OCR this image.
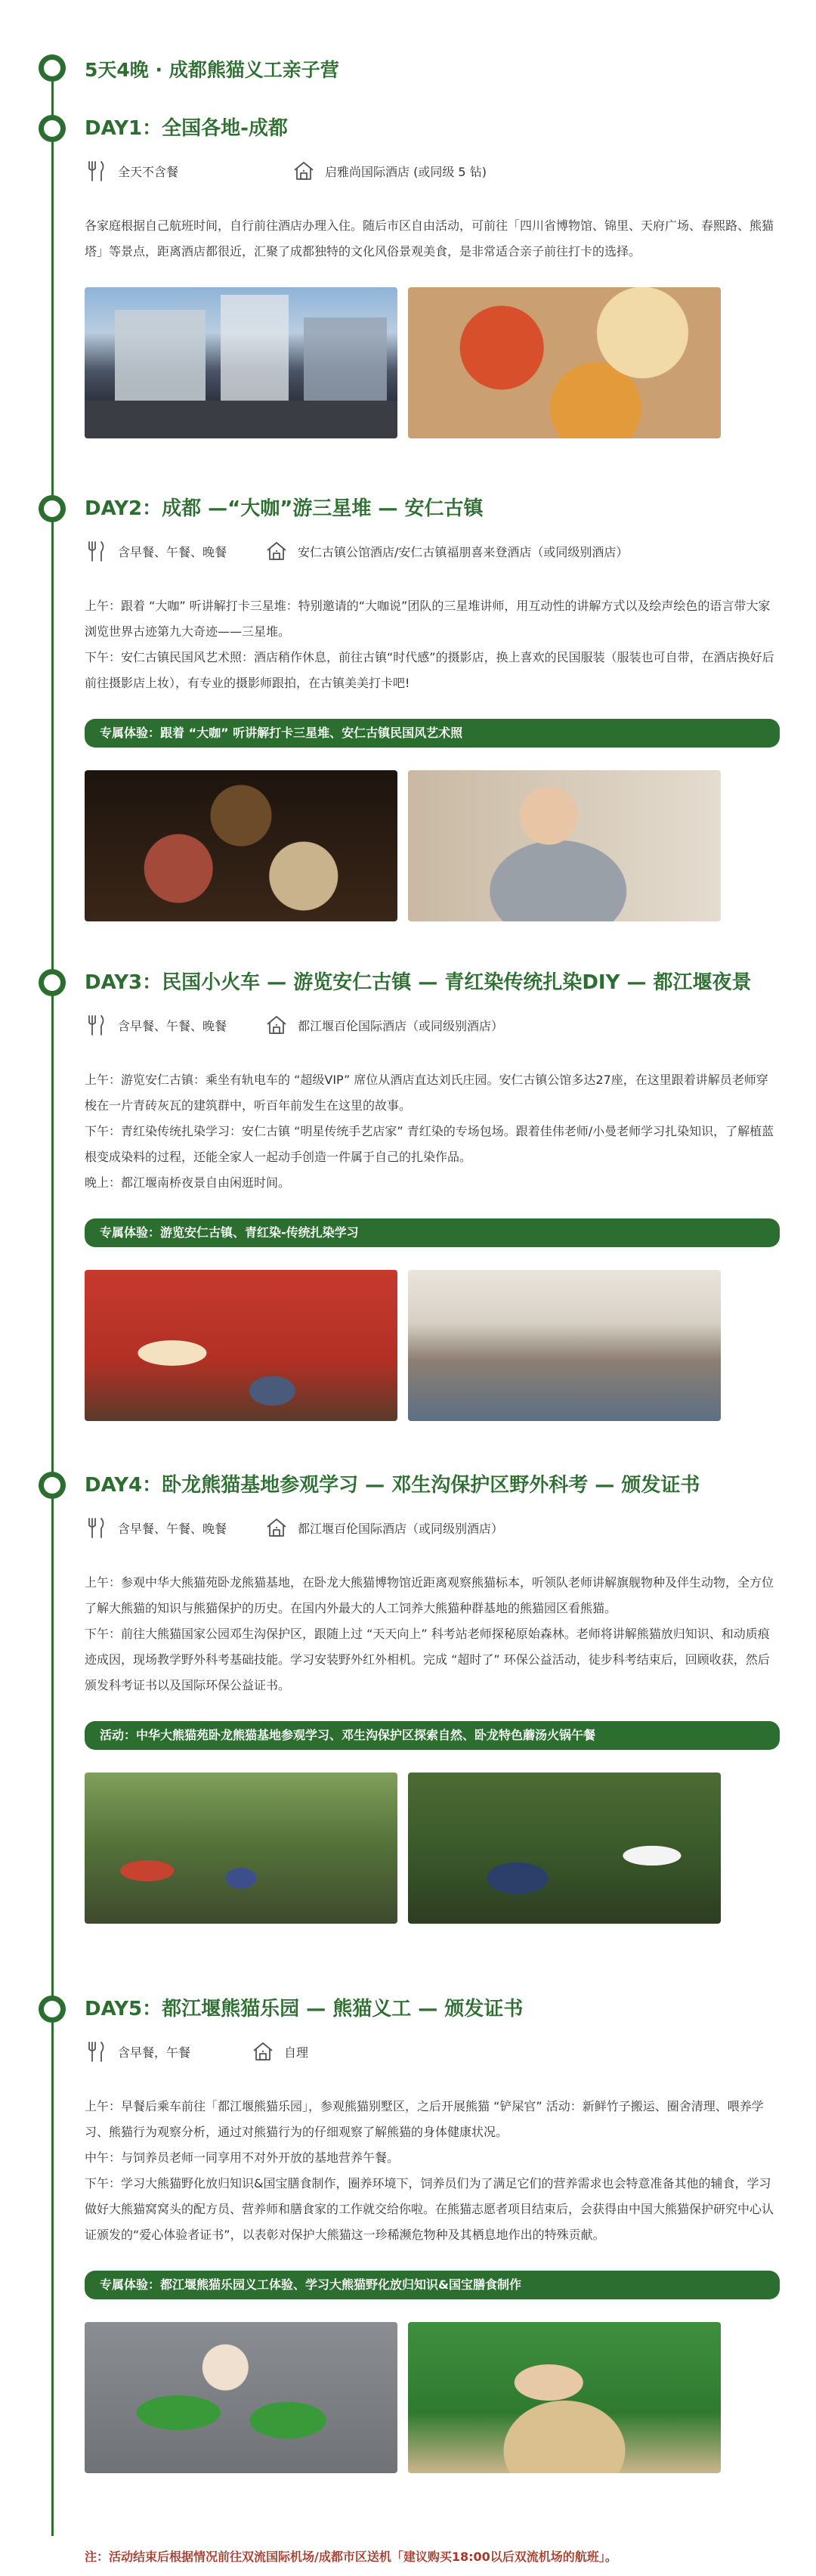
5天4晚 · 成都熊猫义工亲子营
DAY1：全国各地-成都
全天不含餐	启雅尚国际酒店 (或同级 5 钻)

各家庭根据自己航班时间，自行前往酒店办理入住。随后市区自由活动，可前往「四川省博物馆、锦里、天府广场、春熙路、熊猫塔」等景点，距离酒店都很近，汇聚了成都独特的文化风俗景观美食，是非常适合亲子前往打卡的选择。

DAY2：成都 —“大咖”游三星堆 — 安仁古镇
含早餐、午餐、晚餐	安仁古镇公馆酒店/安仁古镇福朋喜来登酒店（或同级别酒店）

上午：跟着 “大咖” 听讲解打卡三星堆：特别邀请的“大咖说”团队的三星堆讲师，用互动性的讲解方式以及绘声绘色的语言带大家浏览世界古迹第九大奇迹——三星堆。

下午：安仁古镇民国风艺术照：酒店稍作休息，前往古镇“时代感”的摄影店，换上喜欢的民国服装（服装也可自带，在酒店换好后前往摄影店上妆），有专业的摄影师跟拍，在古镇美美打卡吧!

专属体验：跟着 “大咖” 听讲解打卡三星堆、安仁古镇民国风艺术照
DAY3：民国小火车 — 游览安仁古镇 — 青红染传统扎染DIY — 都江堰夜景
含早餐、午餐、晚餐	都江堰百伦国际酒店（或同级别酒店）

上午：游览安仁古镇：乘坐有轨电车的 “超级VIP” 席位从酒店直达刘氏庄园。安仁古镇公馆多达27座，在这里跟着讲解员老师穿梭在一片青砖灰瓦的建筑群中，听百年前发生在这里的故事。

下午：青红染传统扎染学习：安仁古镇 “明星传统手艺店家” 青红染的专场包场。跟着佳伟老师/小曼老师学习扎染知识，了解植蓝根变成染料的过程，还能全家人一起动手创造一件属于自己的扎染作品。

晚上：都江堰南桥夜景自由闲逛时间。

专属体验：游览安仁古镇、青红染-传统扎染学习
DAY4：卧龙熊猫基地参观学习 — 邓生沟保护区野外科考 — 颁发证书
含早餐、午餐、晚餐	都江堰百伦国际酒店（或同级别酒店）

上午：参观中华大熊猫苑卧龙熊猫基地，在卧龙大熊猫博物馆近距离观察熊猫标本，听领队老师讲解旗舰物种及伴生动物，全方位了解大熊猫的知识与熊猫保护的历史。在国内外最大的人工饲养大熊猫种群基地的熊猫园区看熊猫。

下午：前往大熊猫国家公园邓生沟保护区，跟随上过 “天天向上” 科考站老师探秘原始森林。老师将讲解熊猫放归知识、和动质痕迹成因，现场教学野外科考基础技能。学习安装野外红外相机。完成 “超时了” 环保公益活动，徒步科考结束后，回顾收获，然后颁发科考证书以及国际环保公益证书。

活动：中华大熊猫苑卧龙熊猫基地参观学习、邓生沟保护区探索自然、卧龙特色蘑汤火锅午餐
DAY5：都江堰熊猫乐园 — 熊猫义工 — 颁发证书
含早餐，午餐	自理

上午：早餐后乘车前往「都江堰熊猫乐园」，参观熊猫别墅区，之后开展熊猫 “铲屎官” 活动：新鲜竹子搬运、圈舍清理、喂养学习、熊猫行为观察分析，通过对熊猫行为的仔细观察了解熊猫的身体健康状况。

中午：与饲养员老师一同享用不对外开放的基地营养午餐。

下午：学习大熊猫野化放归知识&国宝膳食制作，圈养环境下，饲养员们为了满足它们的营养需求也会特意准备其他的辅食，学习做好大熊猫窝窝头的配方员、营养师和膳食家的工作就交给你啦。在熊猫志愿者项目结束后，会获得由中国大熊猫保护研究中心认证颁发的“爱心体验者证书”，以表彰对保护大熊猫这一珍稀濒危物种及其栖息地作出的特殊贡献。

专属体验：都江堰熊猫乐园义工体验、学习大熊猫野化放归知识&国宝膳食制作
注：活动结束后根据情况前往双流国际机场/成都市区送机「建议购买18:00以后双流机场的航班」。
